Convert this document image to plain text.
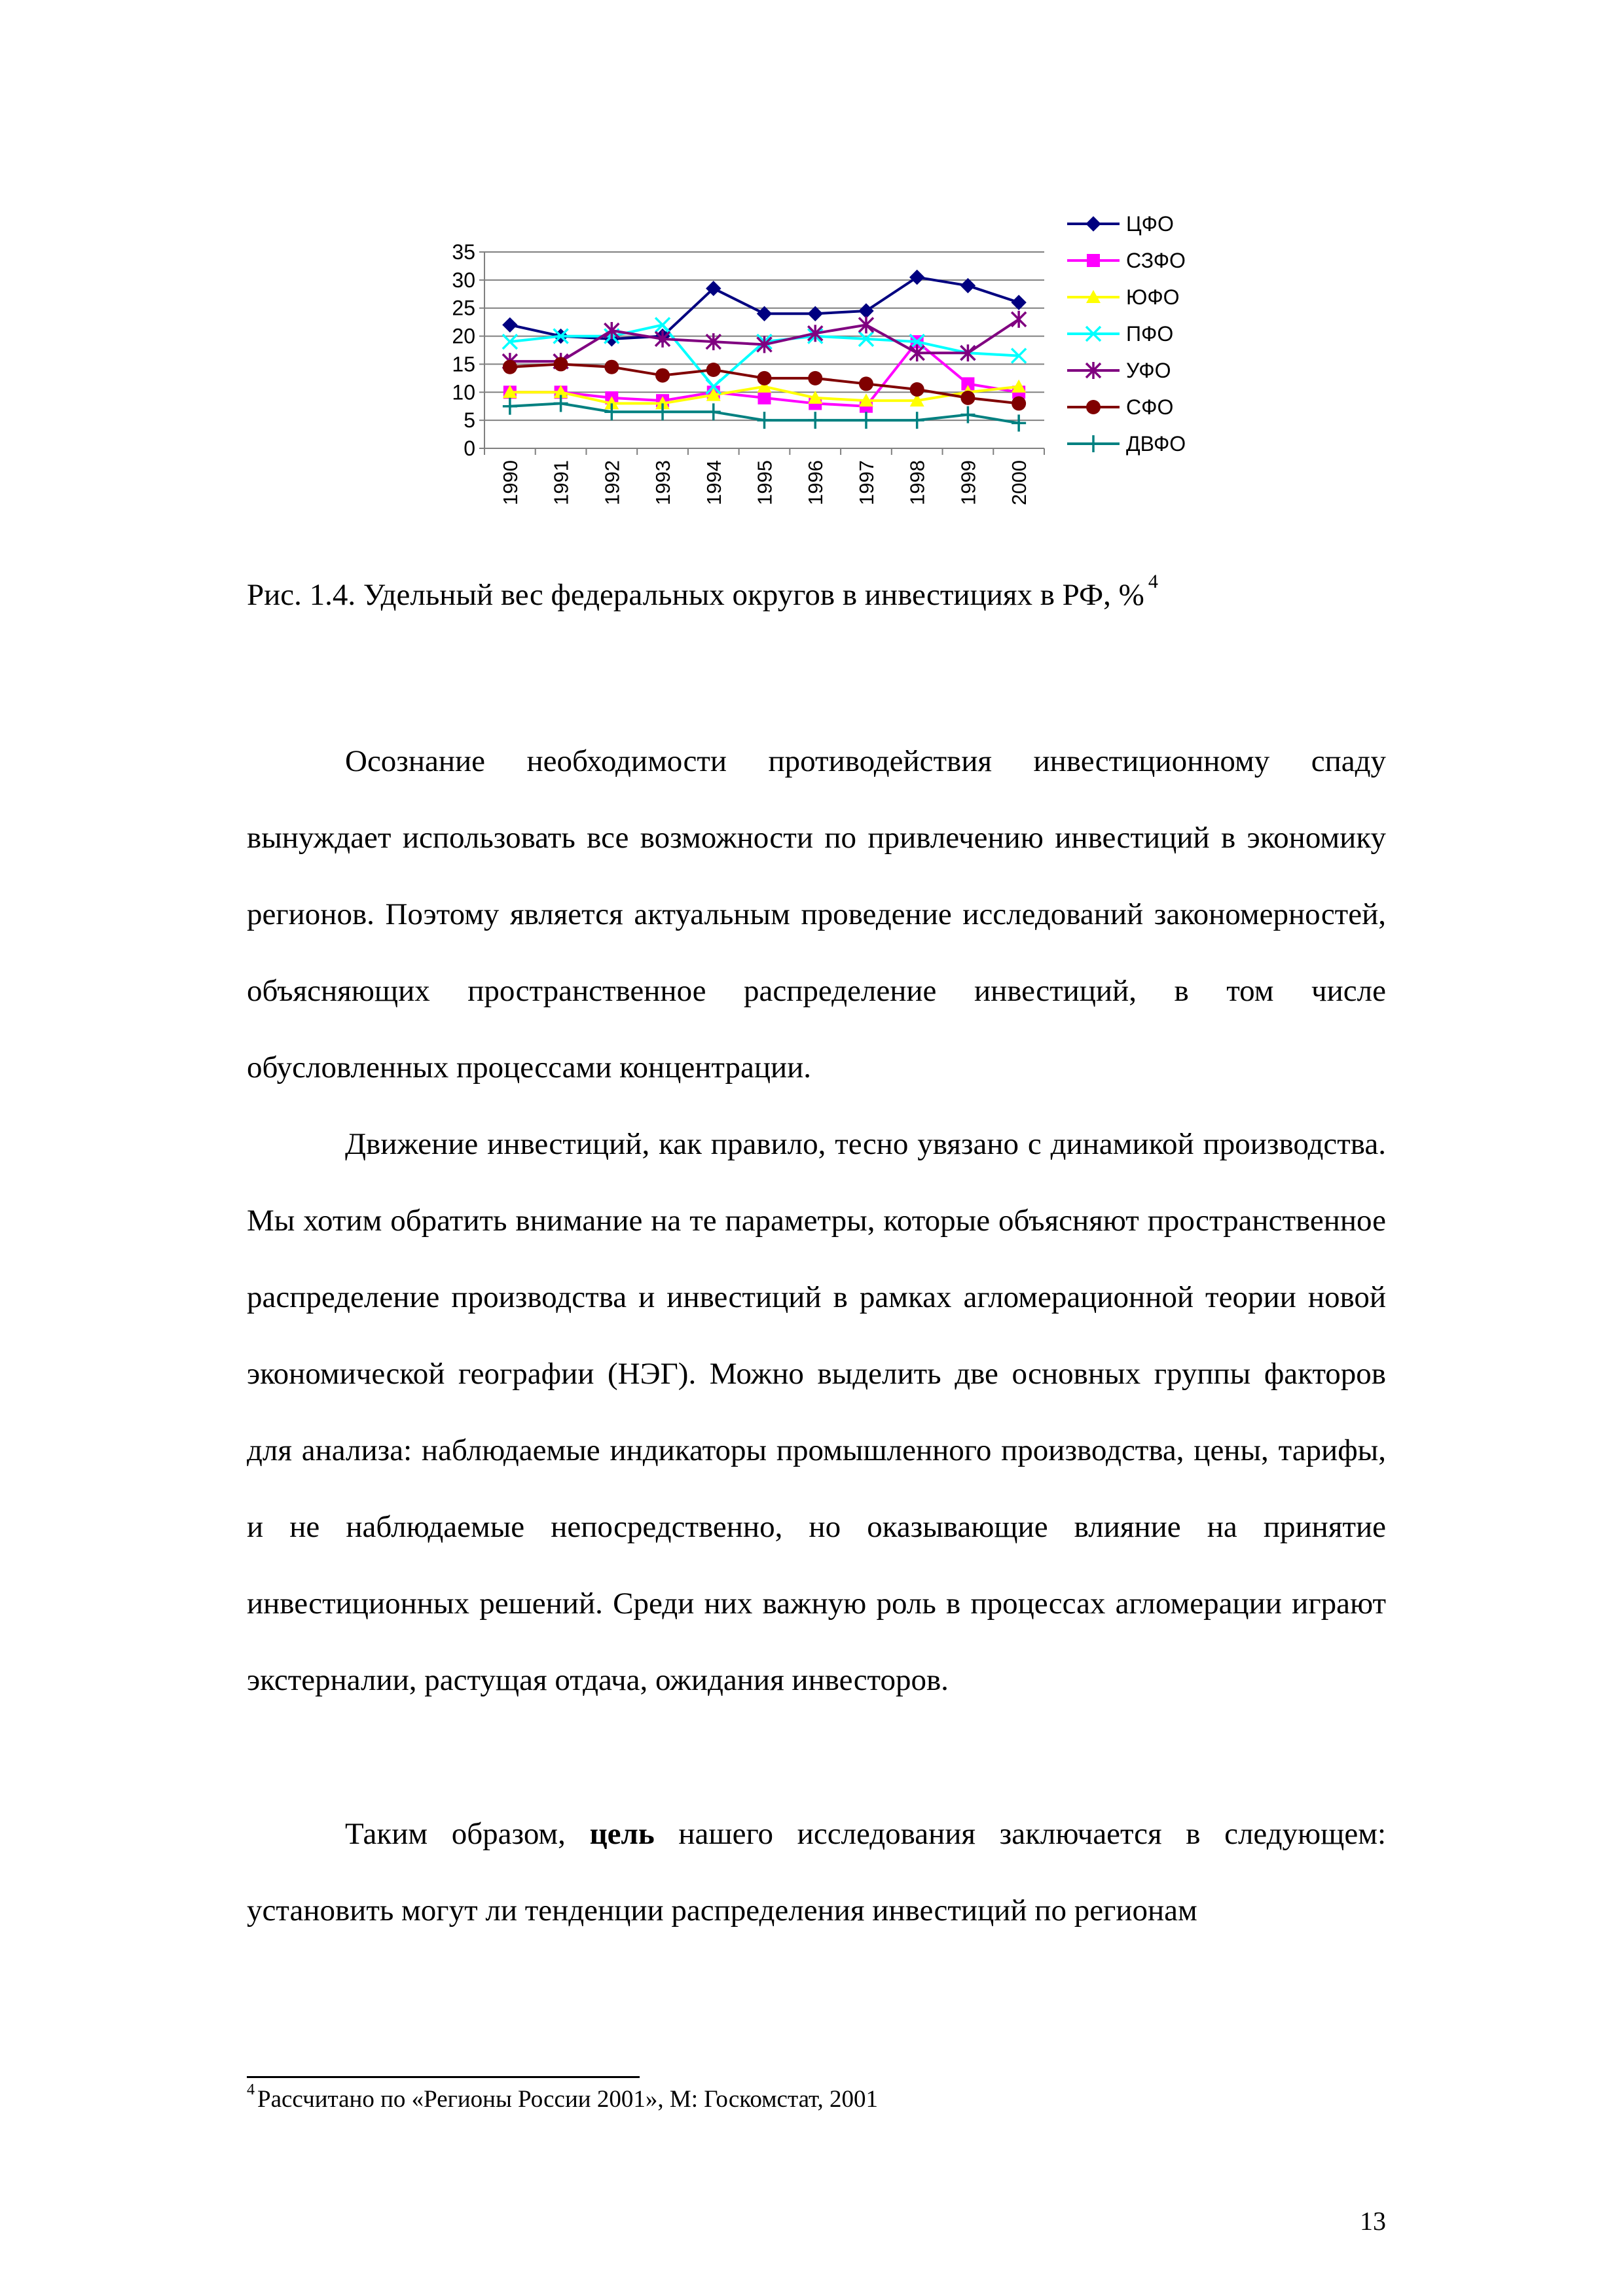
0
5
10
15
20
25
30
35
1990 1991 1992 1993 1994 1995 1996 1997 1998 1999 2000
ЦФО
СЗФО
ЮФО
ПФО
УФО
СФО
ДВФО
Рис. 1.4. Удельный вес федеральных округов в инвестициях в РФ, % $^4$
Осознание необходимости противодействия инвестиционному спаду вынуждает использовать все возможности по привлечению инвестиций в экономику регионов. Поэтому является актуальным проведение исследований закономерностей, объясняющих пространственное распределение инвестиций, в том числе обусловленных процессами концентрации.
Движение инвестиций, как правило, тесно увязано с динамикой производства. Мы хотим обратить внимание на те параметры, которые объясняют пространственное распределение производства и инвестиций в рамках агломерационной теории новой экономической географии (НЭГ). Можно выделить две основных группы факторов для анализа: наблюдаемые индикаторы промышленного производства, цены, тарифы, и не наблюдаемые непосредственно, но оказывающие влияние на принятие инвестиционных решений. Среди них важную роль в процессах агломерации играют экстерналии, растущая отдача, ожидания инвесторов.
Таким образом, цель нашего исследования заключается в следующем: установить могут ли тенденции распределения инвестиций по регионам
$^4$ Рассчитано по «Регионы России 2001», М: Госкомстат, 2001
13
